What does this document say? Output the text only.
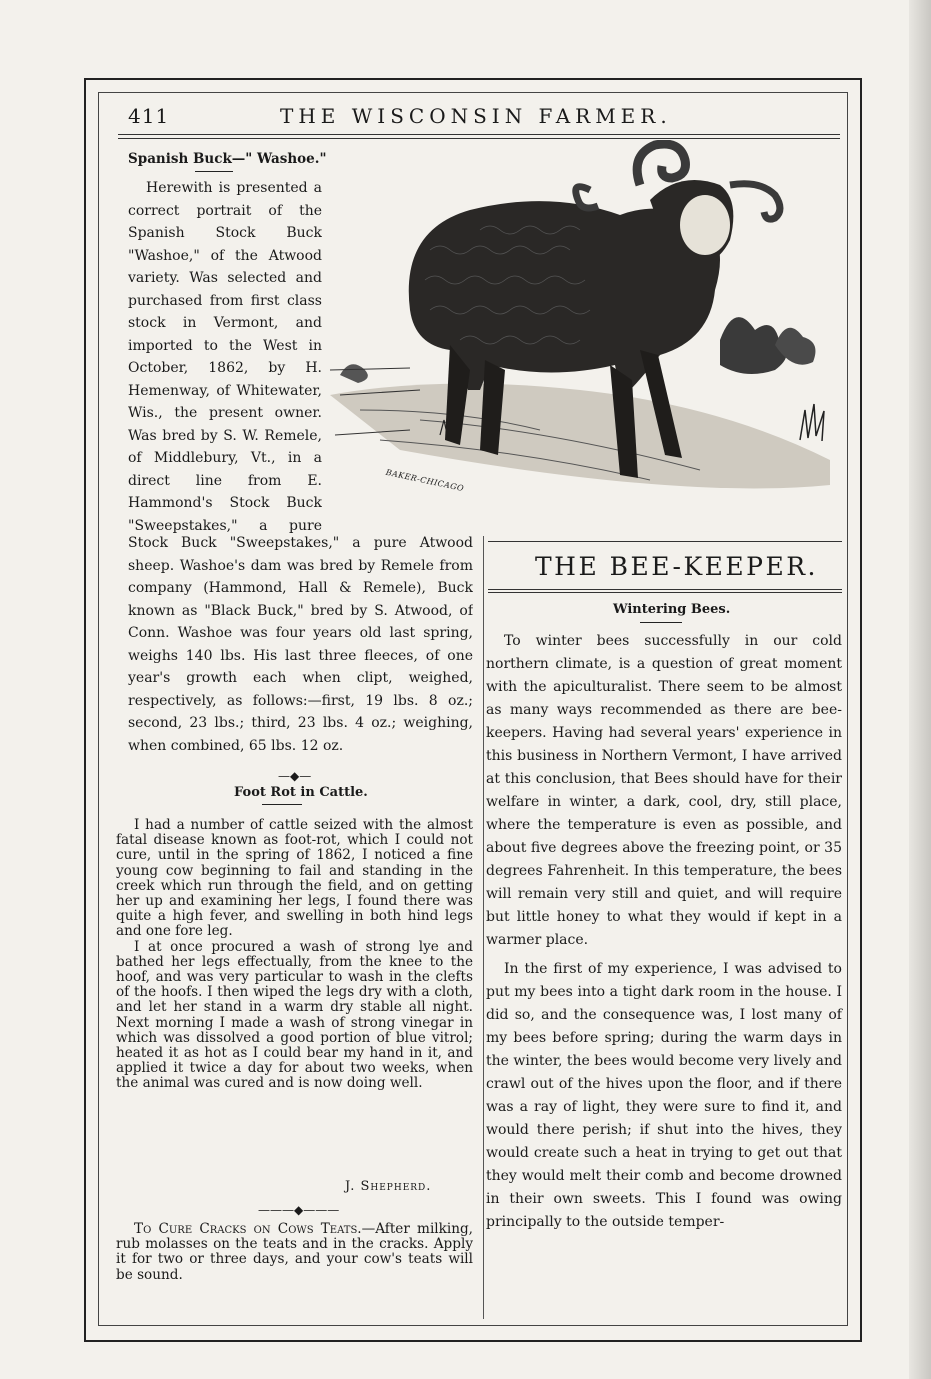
411	THE WISCONSIN FARMER.
BAKER-CHICAGO
Spanish Buck—" Washoe."

Herewith is presented a correct portrait of the Spanish Stock Buck "Washoe," of the Atwood variety. Was selected and purchased from first class stock in Vermont, and imported to the West in October, 1862, by H. Hemenway, of Whitewater, Wis., the present owner. Was bred by S. W. Remele, of Middlebury, Vt., in a direct line from E. Hammond's Stock Buck "Sweepstakes," a pure

Stock Buck "Sweepstakes," a pure Atwood sheep. Washoe's dam was bred by Remele from company (Hammond, Hall & Remele), Buck known as "Black Buck," bred by S. Atwood, of Conn. Washoe was four years old last spring, weighs 140 lbs. His last three fleeces, of one year's growth each when clipt, weighed, respectively, as follows:—first, 19 lbs. 8 oz.; second, 23 lbs.; third, 23 lbs. 4 oz.; weighing, when combined, 65 lbs. 12 oz.

—◆—
Foot Rot in Cattle.

I had a number of cattle seized with the almost fatal disease known as foot-rot, which I could not cure, until in the spring of 1862, I noticed a fine young cow beginning to fail and standing in the creek which run through the field, and on getting her up and examining her legs, I found there was quite a high fever, and swelling in both hind legs and one fore leg.

I at once procured a wash of strong lye and bathed her legs effectually, from the knee to the hoof, and was very particular to wash in the clefts of the hoofs. I then wiped the legs dry with a cloth, and let her stand in a warm dry stable all night. Next morning I made a wash of strong vinegar in which was dissolved a good portion of blue vitrol; heated it as hot as I could bear my hand in it, and applied it twice a day for about two weeks, when the animal was cured and is now doing well.

J. Shepherd.
———◆———

To Cure Cracks on Cows Teats.—After milking, rub molasses on the teats and in the cracks. Apply it for two or three days, and your cow's teats will be sound.

THE BEE-KEEPER.
Wintering Bees.

To winter bees successfully in our cold northern climate, is a question of great moment with the apiculturalist. There seem to be almost as many ways recommended as there are bee-keepers. Having had several years' experience in this business in Northern Vermont, I have arrived at this conclusion, that Bees should have for their welfare in winter, a dark, cool, dry, still place, where the temperature is even as possible, and about five degrees above the freezing point, or 35 degrees Fahrenheit. In this temperature, the bees will remain very still and quiet, and will require but little honey to what they would if kept in a warmer place.

In the first of my experience, I was advised to put my bees into a tight dark room in the house. I did so, and the consequence was, I lost many of my bees before spring; during the warm days in the winter, the bees would become very lively and crawl out of the hives upon the floor, and if there was a ray of light, they were sure to find it, and would there perish; if shut into the hives, they would create such a heat in trying to get out that they would melt their comb and become drowned in their own sweets. This I found was owing principally to the outside temper-
